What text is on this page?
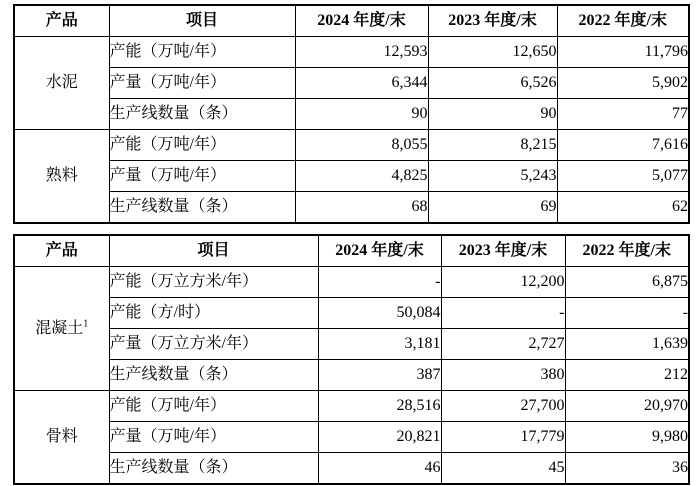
产品	项目	2024 年度/末	2023 年度/末	2022 年度/末
水泥	产能（万吨/年）	12,593	12,650	11,796
	产量（万吨/年）	6,344	6,526	5,902
	生产线数量（条）	90	90	77
熟料	产能（万吨/年）	8,055	8,215	7,616
	产量（万吨/年）	4,825	5,243	5,077
	生产线数量（条）	68	69	62
产品	项目	2024 年度/末	2023 年度/末	2022 年度/末
混凝土$^1$	产能（万立方米/年）	-	12,200	6,875
	产能（方/时）	50,084	-	-
	产量（万立方米/年）	3,181	2,727	1,639
	生产线数量（条）	387	380	212
骨料	产能（万吨/年）	28,516	27,700	20,970
	产量（万吨/年）	20,821	17,779	9,980
	生产线数量（条）	46	45	36
